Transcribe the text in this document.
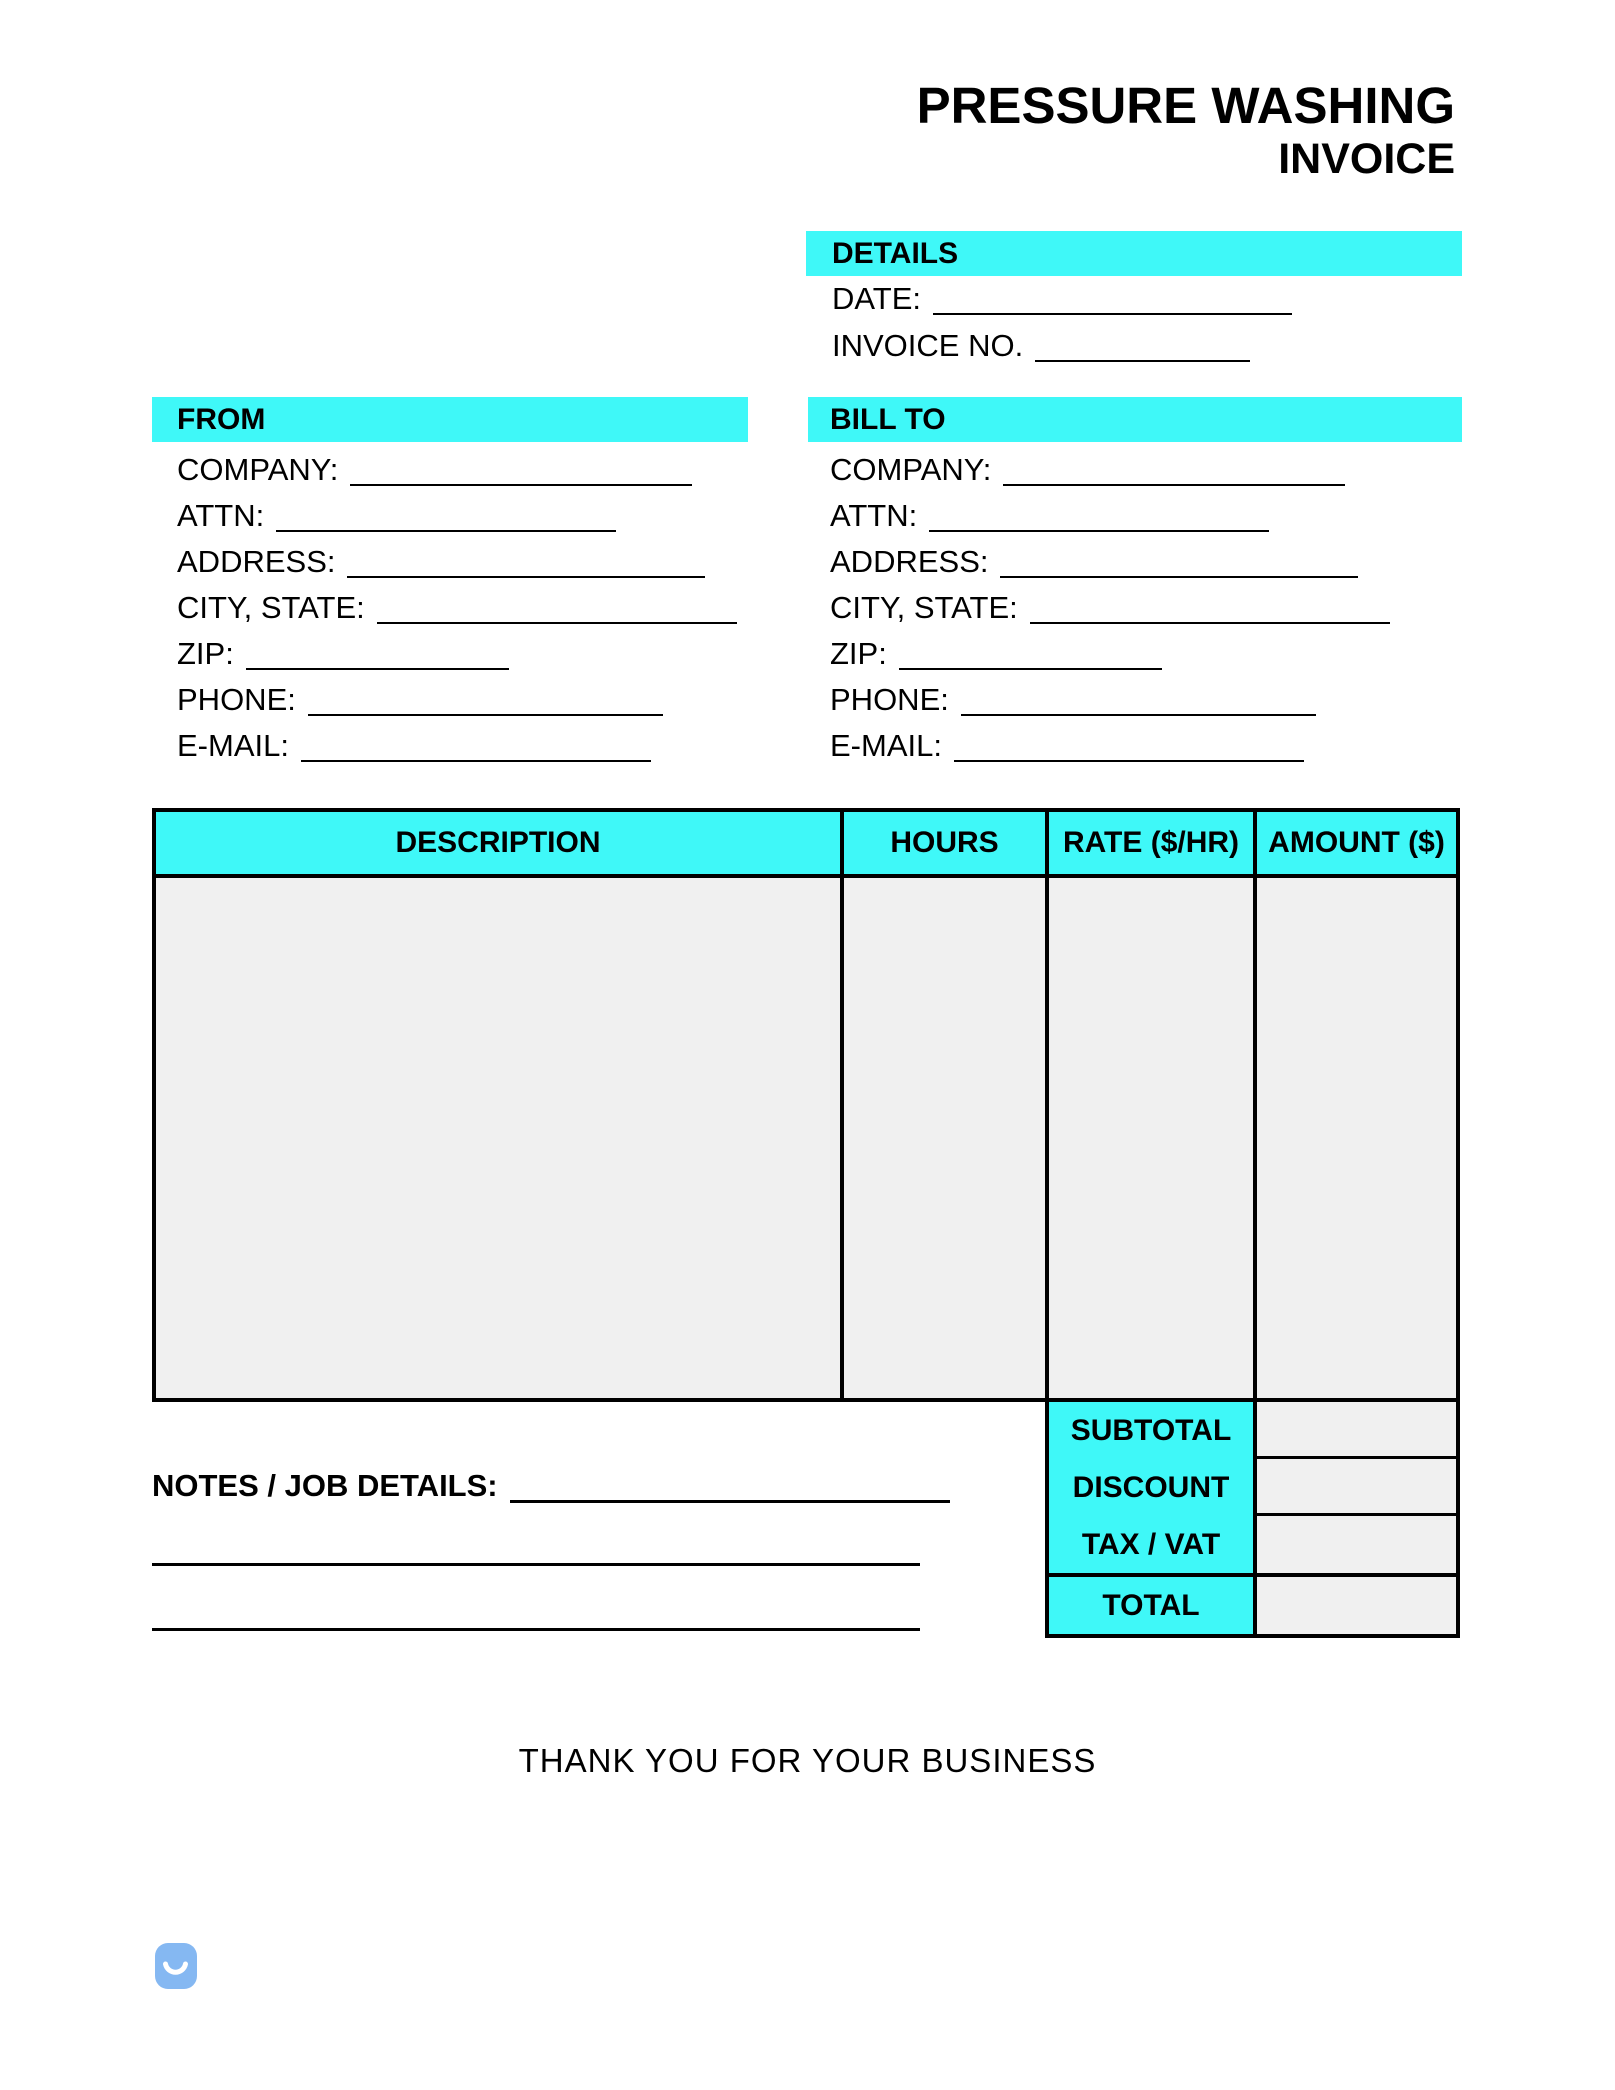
PRESSURE WASHING
INVOICE
DETAILS
DATE:
INVOICE NO.
FROM
COMPANY:
ATTN:
ADDRESS:
CITY, STATE:
ZIP:
PHONE:
E-MAIL:
BILL TO
COMPANY:
ATTN:
ADDRESS:
CITY, STATE:
ZIP:
PHONE:
E-MAIL:
DESCRIPTION	HOURS	RATE ($/HR) AMOUNT ($)
SUBTOTAL
DISCOUNT
TAX / VAT
TOTAL
NOTES / JOB DETAILS:
THANK YOU FOR YOUR BUSINESS
